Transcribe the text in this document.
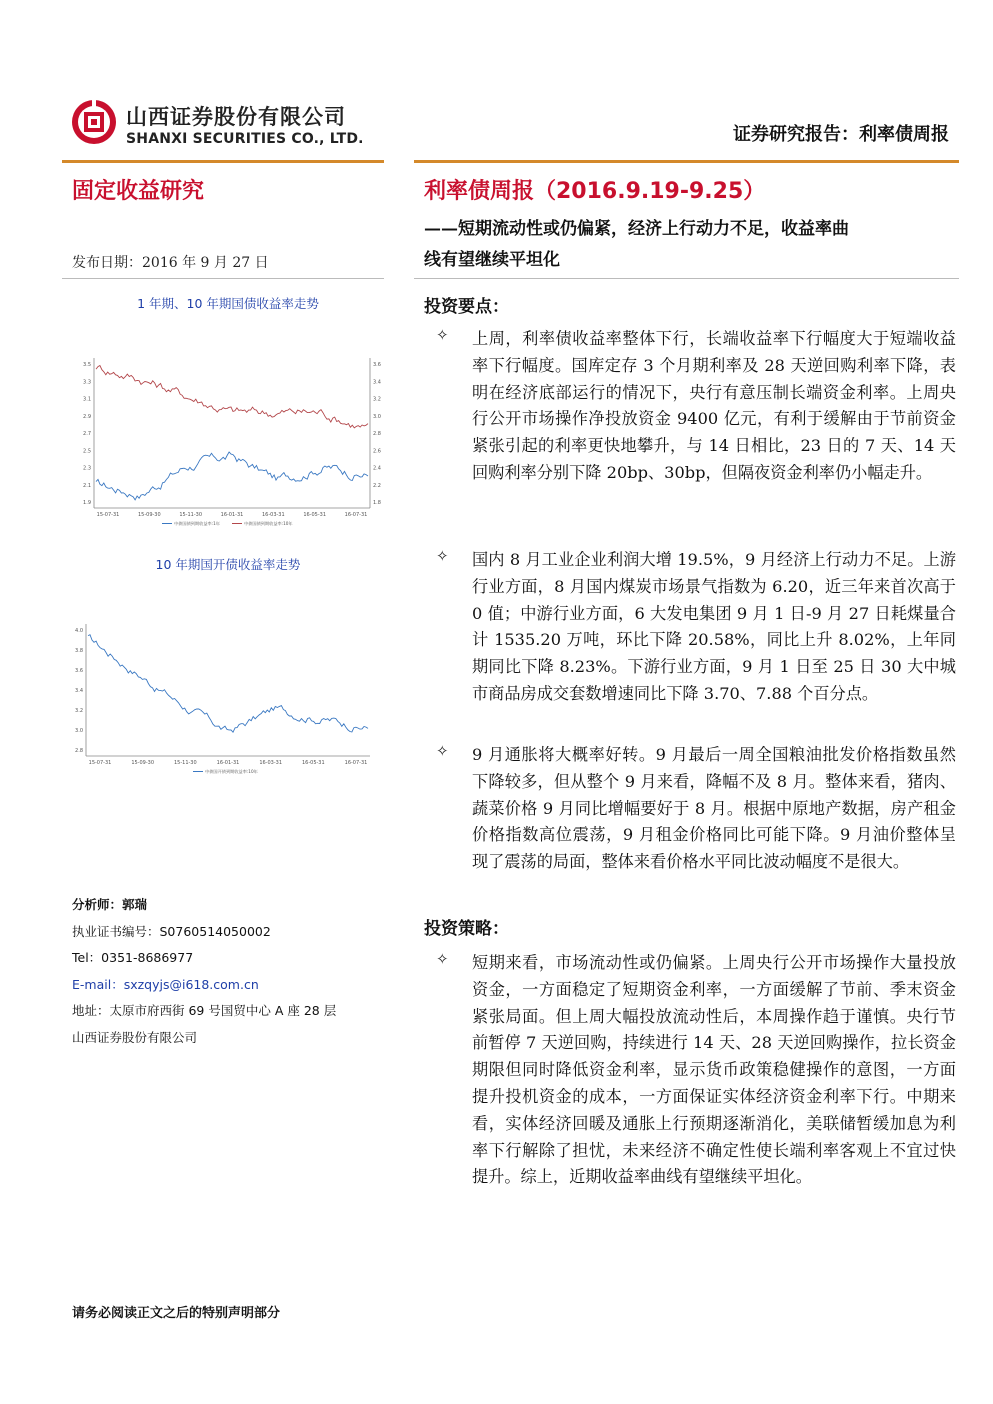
山西证券股份有限公司
SHANXI SECURITIES CO., LTD.	证券研究报告：利率债周报
固定收益研究	利率债周报（2016.9.19-9.25）
——短期流动性或仍偏紧，经济上行动力不足，收益率曲线有望继续平坦化
发布日期：2016 年 9 月 27 日
1 年期、10 年期国债收益率走势
3.5
3.3
3.1
2.9
2.7
2.5
2.3
2.1
1.9
3.6
3.4
3.2
3.0
2.8
2.6
2.4
2.2
1.8
15-07-31	15-09-30	15-11-30	16-01-31	16-03-31	16-05-31	16-07-31
中债国债到期收益率:1年	中债国债到期收益率:10年
10 年期国开债收益率走势
4.0
3.8
3.6
3.4
3.2
3.0
2.8
15-07-31	15-09-30	15-11-30	16-01-31	16-03-31	16-05-31	16-07-31
中债国开债到期收益率:10年
分析师：郭瑞
执业证书编号：S0760514050002
Tel：0351-8686977
E-mail：sxzqyjs@i618.com.cn
地址：太原市府西街 69 号国贸中心 A 座 28 层
山西证券股份有限公司
投资要点：
✧ 上周，利率债收益率整体下行，长端收益率下行幅度大于短端收益率下行幅度。国库定存 3 个月期利率及 28 天逆回购利率下降，表明在经济底部运行的情况下，央行有意压制长端资金利率。上周央行公开市场操作净投放资金 9400 亿元，有利于缓解由于节前资金紧张引起的利率更快地攀升，与 14 日相比，23 日的 7 天、14 天回购利率分别下降 20bp、30bp，但隔夜资金利率仍小幅走升。
✧ 国内 8 月工业企业利润大增 19.5%，9 月经济上行动力不足。上游行业方面，8 月国内煤炭市场景气指数为 6.20，近三年来首次高于 0 值；中游行业方面，6 大发电集团 9 月 1 日-9 月 27 日耗煤量合计 1535.20 万吨，环比下降 20.58%，同比上升 8.02%，上年同期同比下降 8.23%。下游行业方面，9 月 1 日至 25 日 30 大中城市商品房成交套数增速同比下降 3.70、7.88 个百分点。
✧ 9 月通胀将大概率好转。9 月最后一周全国粮油批发价格指数虽然下降较多，但从整个 9 月来看，降幅不及 8 月。整体来看，猪肉、蔬菜价格 9 月同比增幅要好于 8 月。根据中原地产数据，房产租金价格指数高位震荡，9 月租金价格同比可能下降。9 月油价整体呈现了震荡的局面，整体来看价格水平同比波动幅度不是很大。
投资策略：
✧ 短期来看，市场流动性或仍偏紧。上周央行公开市场操作大量投放资金，一方面稳定了短期资金利率，一方面缓解了节前、季末资金紧张局面。但上周大幅投放流动性后，本周操作趋于谨慎。央行节前暂停 7 天逆回购，持续进行 14 天、28 天逆回购操作，拉长资金期限但同时降低资金利率，显示货币政策稳健操作的意图，一方面提升投机资金的成本，一方面保证实体经济资金利率下行。中期来看，实体经济回暖及通胀上行预期逐渐消化，美联储暂缓加息为利率下行解除了担忧，未来经济不确定性使长端利率客观上不宜过快提升。综上，近期收益率曲线有望继续平坦化。
请务必阅读正文之后的特别声明部分
